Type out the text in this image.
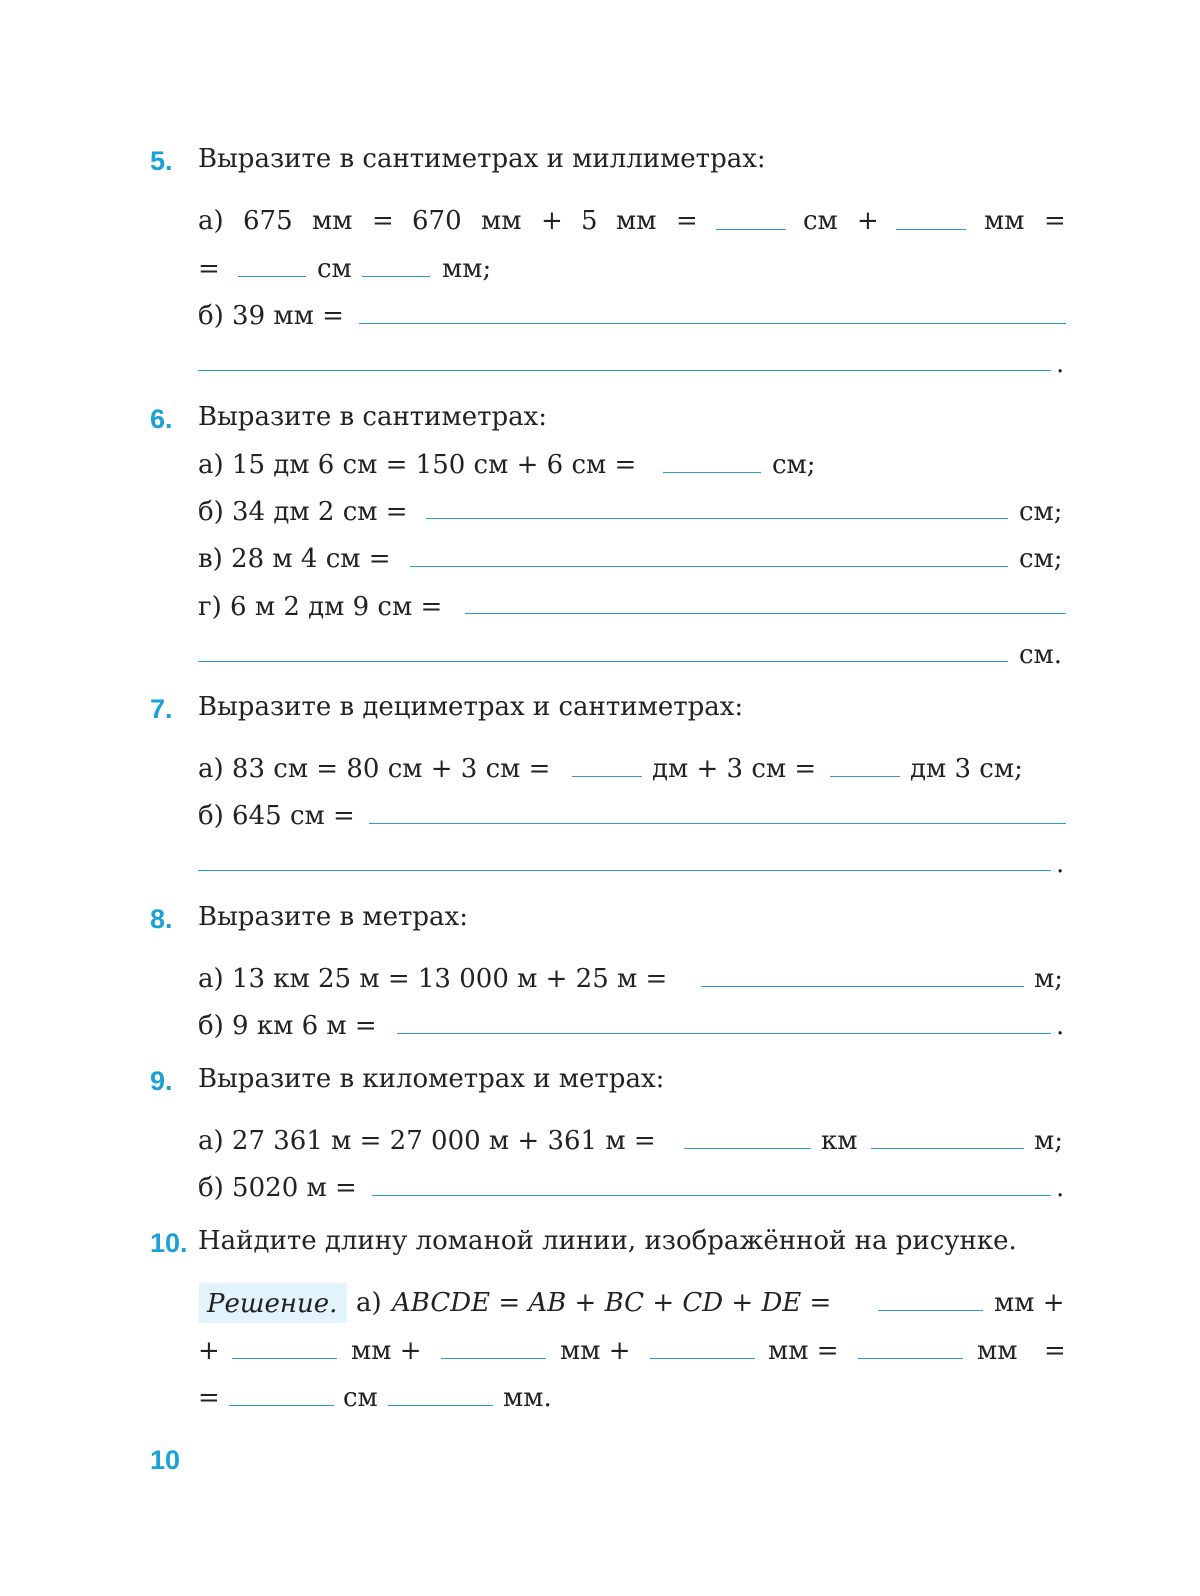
5. Выразите в сантиметрах и миллиметрах:
а) 675 мм = 670 мм + 5 мм =	см +	мм =
=	см	мм;
б) 39 мм =
.
6. Выразите в сантиметрах:
а) 15 дм 6 см = 150 см + 6 см =	см;
б) 34 дм 2 см =	см;
в) 28 м 4 см =	см;
г) 6 м 2 дм 9 см =
см.
7. Выразите в дециметрах и сантиметрах:
а) 83 см = 80 см + 3 см =	дм + 3 см =	дм 3 см;
б) 645 см =
.
8. Выразите в метрах:
а) 13 км 25 м = 13 000 м + 25 м =	м;
б) 9 км 6 м =	.
9. Выразите в километрах и метрах:
а) 27 361 м = 27 000 м + 361 м =	км	м;
б) 5020 м =	.
10. Найдите длину ломаной линии, изображённой на рисунке.
Решение. а) ABCDE = AB + BC + CD + DE =	мм +
+	мм +	мм +	мм =	мм =
=	см	мм.
10
